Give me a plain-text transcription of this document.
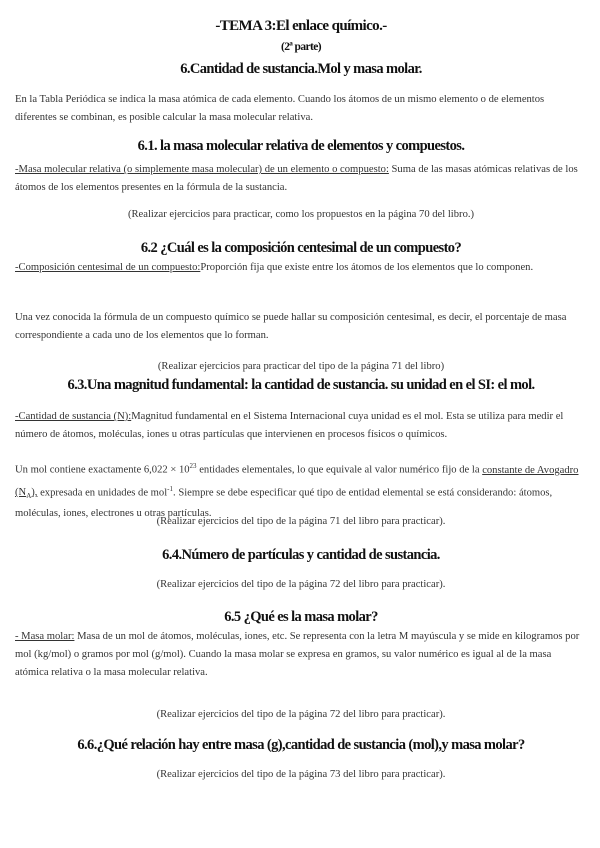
-TEMA 3:El enlace químico.-
(2ª parte)
6.Cantidad de sustancia.Mol y masa molar.
En la Tabla Periódica se indica la masa atómica de cada elemento. Cuando los átomos de un mismo elemento o de elementos diferentes se combinan, es posible calcular la masa molecular relativa.
6.1. la masa molecular relativa de elementos y compuestos.
-Masa molecular relativa (o simplemente masa molecular) de un elemento o compuesto: Suma de las masas atómicas relativas de los átomos de los elementos presentes en la fórmula de la sustancia.
(Realizar ejercicios para practicar, como los propuestos en la página 70 del libro.)
6.2 ¿Cuál es la composición centesimal de un compuesto?
-Composición centesimal de un compuesto:Proporción fija que existe entre los átomos de los elementos que lo componen.
Una vez conocida la fórmula de un compuesto químico se puede hallar su composición centesimal, es decir, el porcentaje de masa correspondiente a cada uno de los elementos que lo forman.
(Realizar ejercicios para practicar del tipo de la página 71 del libro)
6.3.Una magnitud fundamental: la cantidad de sustancia. su unidad en el SI: el mol.
-Cantidad de sustancia (N):Magnitud fundamental en el Sistema Internacional cuya unidad es el mol. Esta se utiliza para medir el número de átomos, moléculas, iones u otras partículas que intervienen en procesos físicos o químicos.
Un mol contiene exactamente $6,022 \times 10^{23}$ entidades elementales, lo que equivale al valor numérico fijo de la constante de Avogadro $(N_A)$, expresada en unidades de mol$^{-1}$. Siempre se debe especificar qué tipo de entidad elemental se está considerando: átomos, moléculas, iones, electrones u otras partículas.
(Realizar ejercicios del tipo de la página 71 del libro para practicar).
6.4.Número de partículas y cantidad de sustancia.
(Realizar ejercicios del tipo de la página 72 del libro para practicar).
6.5 ¿Qué es la masa molar?
- Masa molar: Masa de un mol de átomos, moléculas, iones, etc. Se representa con la letra M mayúscula y se mide en kilogramos por mol (kg/mol) o gramos por mol (g/mol). Cuando la masa molar se expresa en gramos, su valor numérico es igual al de la masa atómica relativa o la masa molecular relativa.
(Realizar ejercicios del tipo de la página 72 del libro para practicar).
6.6.¿Qué relación hay entre masa (g),cantidad de sustancia (mol),y masa molar?
(Realizar ejercicios del tipo de la página 73 del libro para practicar).
